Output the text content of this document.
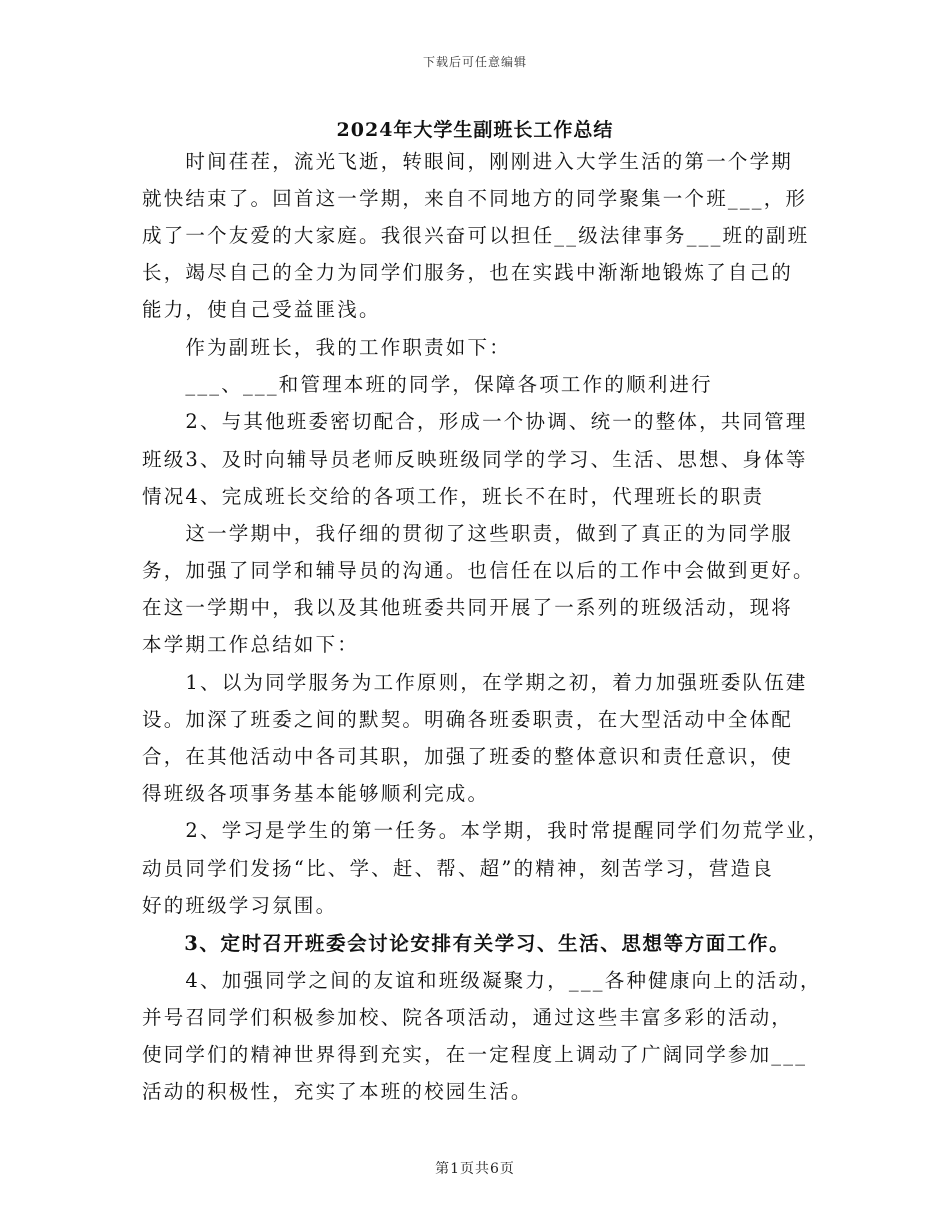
下载后可任意编辑
2024年大学生副班长工作总结
　　时间荏茬，流光飞逝，转眼间，刚刚进入大学生活的第一个学期
就快结束了。回首这一学期，来自不同地方的同学聚集一个班___，形
成了一个友爱的大家庭。我很兴奋可以担任__级法律事务___班的副班
长，竭尽自己的全力为同学们服务，也在实践中渐渐地锻炼了自己的
能力，使自己受益匪浅。
　　作为副班长，我的工作职责如下：
　　___、___和管理本班的同学，保障各项工作的顺利进行
　　2、与其他班委密切配合，形成一个协调、统一的整体，共同管理
班级3、及时向辅导员老师反映班级同学的学习、生活、思想、身体等
情况4、完成班长交给的各项工作，班长不在时，代理班长的职责
　　这一学期中，我仔细的贯彻了这些职责，做到了真正的为同学服
务，加强了同学和辅导员的沟通。也信任在以后的工作中会做到更好。
在这一学期中，我以及其他班委共同开展了一系列的班级活动，现将
本学期工作总结如下：
　　1、以为同学服务为工作原则，在学期之初，着力加强班委队伍建
设。加深了班委之间的默契。明确各班委职责，在大型活动中全体配
合，在其他活动中各司其职，加强了班委的整体意识和责任意识，使
得班级各项事务基本能够顺利完成。
　　2、学习是学生的第一任务。本学期，我时常提醒同学们勿荒学业，
动员同学们发扬“比、学、赶、帮、超”的精神，刻苦学习，营造良
好的班级学习氛围。
　　3、定时召开班委会讨论安排有关学习、生活、思想等方面工作。
　　4、加强同学之间的友谊和班级凝聚力，___各种健康向上的活动，
并号召同学们积极参加校、院各项活动，通过这些丰富多彩的活动，
使同学们的精神世界得到充实，在一定程度上调动了广阔同学参加___
活动的积极性，充实了本班的校园生活。
第1页共6页
